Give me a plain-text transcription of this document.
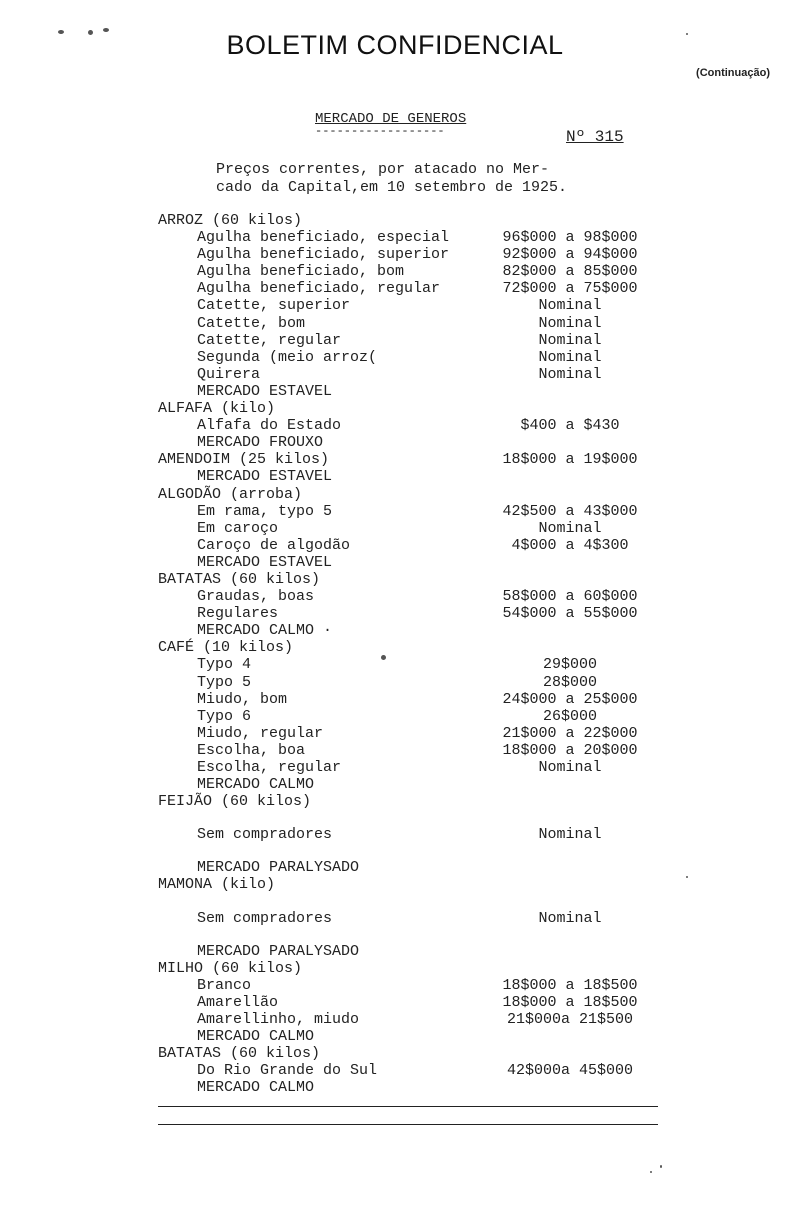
BOLETIM CONFIDENCIAL
(Continuação)
MERCADO DE GENEROS
------------------	Nº 315
Preços correntes, por atacado no Mer-
cado da Capital,em 10 setembro de 1925.
ARROZ (60 kilos)
Agulha beneficiado, especial	96$000 a 98$000
Agulha beneficiado, superior	92$000 a 94$000
Agulha beneficiado, bom	82$000 a 85$000
Agulha beneficiado, regular	72$000 a 75$000
Catette, superior	Nominal
Catette, bom	Nominal
Catette, regular	Nominal
Segunda (meio arroz(	Nominal
Quirera	Nominal
MERCADO ESTAVEL
ALFAFA (kilo)
Alfafa do Estado	$400 a $430
MERCADO FROUXO
AMENDOIM (25 kilos)	18$000 a 19$000
MERCADO ESTAVEL
ALGODÃO (arroba)
Em rama, typo 5	42$500 a 43$000
Em caroço	Nominal
Caroço de algodão	4$000 a 4$300
MERCADO ESTAVEL
BATATAS (60 kilos)
Graudas, boas	58$000 a 60$000
Regulares	54$000 a 55$000
MERCADO CALMO ·
CAFÉ (10 kilos)
Typo 4	29$000
Typo 5	28$000
Miudo, bom	24$000 a 25$000
Typo 6	26$000
Miudo, regular	21$000 a 22$000
Escolha, boa	18$000 a 20$000
Escolha, regular	Nominal
MERCADO CALMO
FEIJÃO (60 kilos)
Sem compradores	Nominal
MERCADO PARALYSADO
MAMONA (kilo)
Sem compradores	Nominal
MERCADO PARALYSADO
MILHO (60 kilos)
Branco	18$000 a 18$500
Amarellão	18$000 a 18$500
Amarellinho, miudo	21$000a 21$500
MERCADO CALMO
BATATAS (60 kilos)
Do Rio Grande do Sul	42$000a 45$000
MERCADO CALMO
